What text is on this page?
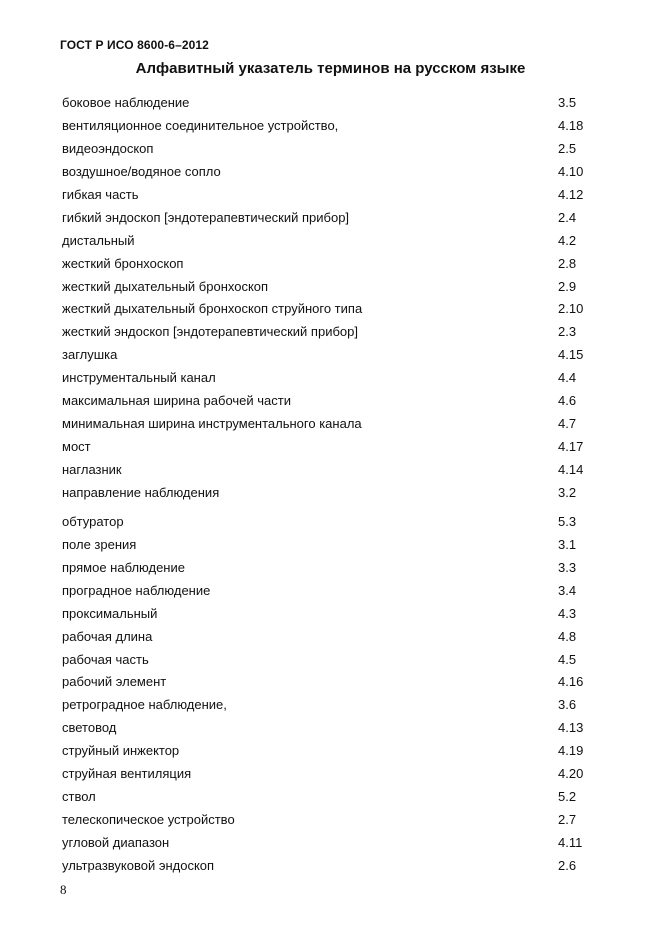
ГОСТ Р ИСО 8600-6–2012
Алфавитный указатель терминов на русском языке
боковое наблюдение	3.5
вентиляционное соединительное устройство,	4.18
видеоэндоскоп	2.5
воздушное/водяное сопло	4.10
гибкая часть	4.12
гибкий эндоскоп [эндотерапевтический прибор]	2.4
дистальный	4.2
жесткий бронхоскоп	2.8
жесткий дыхательный бронхоскоп	2.9
жесткий дыхательный бронхоскоп струйного типа	2.10
жесткий эндоскоп [эндотерапевтический прибор]	2.3
заглушка	4.15
инструментальный канал	4.4
максимальная ширина рабочей части	4.6
минимальная ширина инструментального канала	4.7
мост	4.17
наглазник	4.14
направление наблюдения	3.2
обтуратор	5.3
поле зрения	3.1
прямое наблюдение	3.3
проградное наблюдение	3.4
проксимальный	4.3
рабочая длина	4.8
рабочая часть	4.5
рабочий элемент	4.16
ретроградное наблюдение,	3.6
световод	4.13
струйный инжектор	4.19
струйная вентиляция	4.20
ствол	5.2
телескопическое устройство	2.7
угловой диапазон	4.11
ультразвуковой эндоскоп	2.6
8
